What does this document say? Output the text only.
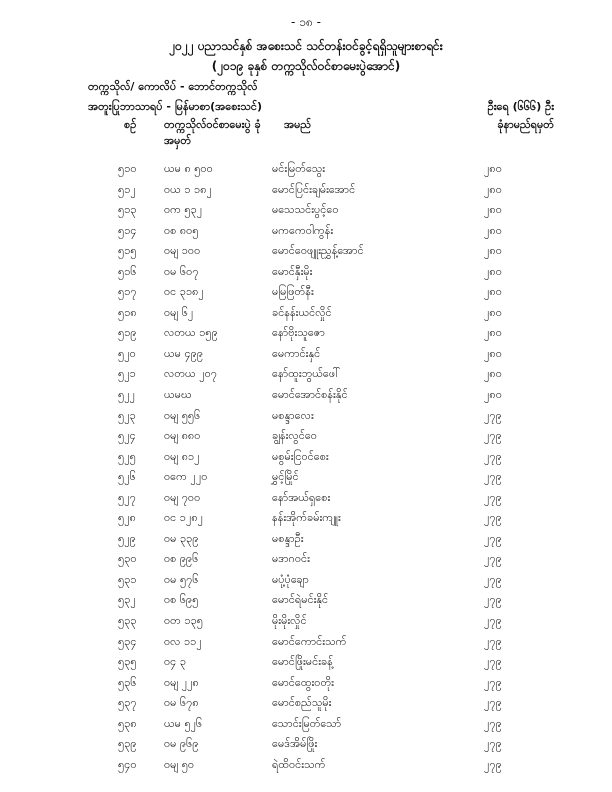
- ၁၈ -
၂၀၂၂ ပညာသင်နှစ် အစေးသင် သင်တန်းဝင်ခွင့်ရရှိသူများစာရင်း
(၂၀၁၉ ခုနှစ် တက္ကသိုလ်ဝင်စာမေးပွဲအောင်)
တက္ကသိုလ်/ ကောလိပ် - ဘောင်တက္ကသိုလ်
အတူးပြုဘာသာရပ် - မြန်မာစာ(အစေးသင်)	ဦးရေ (၆၆၆) ဦး
စဉ်	တက္ကသိုလ်ဝင်စာမေးပွဲ ခုံအမှတ်
အမည်	ခုံနာမည်ရမှတ်
၅၁၀ ယမ ၈ ၅၀၀	မင်းမြတ်သွေး	၂၈၀
၅၁၂	ဝယ ၁ ၁၈၂	မောင်ပြင်းချမ်းအောင်	၂၈၀
၅၁၃ ဝက ၅၃၂	မသေသင်းပွင့်ဝေ	၂၈၀
၅၁၄ ဝစ ၈၀၅	မကကေဝါကွန်း	၂၈၀
၅၁၅ ဝမျ ၁၀၀	မောင်ဝေဖျူးညွှန့်အောင်	၂၈၀
၅၁၆ ဝမ ၆၀၇	မောင်နှီးမိုး	၂၈၀
၅၁၇ ဝင ၃၁၈၂	မမြဖြတ်နီး	၂၈၀
၅၁၈ ဝမျ ၆၂	ခင်နန်းယင်လှိုင်	၂၈၀
၅၁၉ လတယ ၁၅၉	နော်ဗိုးသူဇော	၂၈၀
၅၂၀	ယမ ၄၉၉	မေကာင်းနှင်	၂၈၀
၅၂၁	လတယ ၂၀၇	နော်ထူးဘွယ်ဖေါ်	၂၈၀
၅၂၂	ယမဃ	မောင်အောင်စန်းနိုင်	၂၈၀
၅၂၃	ဝမျ ၅၅၆	မစန္ဒာလေး	၂၇၉
၅၂၄	ဝမျ ၈၈၀	ချွန်းလွင်ဝေ	၂၇၉
၅၂၅	ဝမျ ၈၁၂	မစွမ်းငြဝင်စေး	၂၇၉
၅၂၆	ဝကေ ၂၂၀	မွှင့်မြိုင်	၂၇၉
၅၂၇	ဝမျ ၇၀၀	နော်အယ်ရှစေး	၂၇၉
၅၂၈	ဝင ၁၂၈၂	နန်းအိုက်ခမ်းကျူး	၂၇၉
၅၂၉	ဝမ ၃၃၉	မစန္ဒာဦး	၂၇၉
၅၃၀ ဝစ ၉၉၆	မဒာဂဝင်း	၂၇၉
၅၃၁ ဝမ ၅၇၆	မပုံ့ပုံချော	၂၇၉
၅၃၂	ဝစ ၆၉၅	မောင်ရဲမင်းနိုင်	၂၇၉
၅၃၃ ဝတ ၁၃၅	မိုးမိုးလှိုင်	၂၇၉
၅၃၄ ဝလ ၁၁၂	မောင်ကောင်းသက်	၂၇၉
၅၃၅ ဝ၄ ၃	မောင်ဖြိုးမင်းခန့်	၂၇၉
၅၃၆ ဝမျ ၂၂၈	မောင်ထွေးဝတိုး	၂၇၉
၅၃၇ ဝမ ၆၇၈	မောင်စည်သူမိုး	၂၇၉
၅၃၈ ယမ ၅၂၆	သောင်းမြတ်သော်	၂၇၉
၅၃၉ ဝမ ၉၆၉	မေဒ်အိမ်ဖြိုး	၂၇၉
၅၄၀ ဝမျ ၅၀	ရဲထိဝင်းသက်	၂၇၉
